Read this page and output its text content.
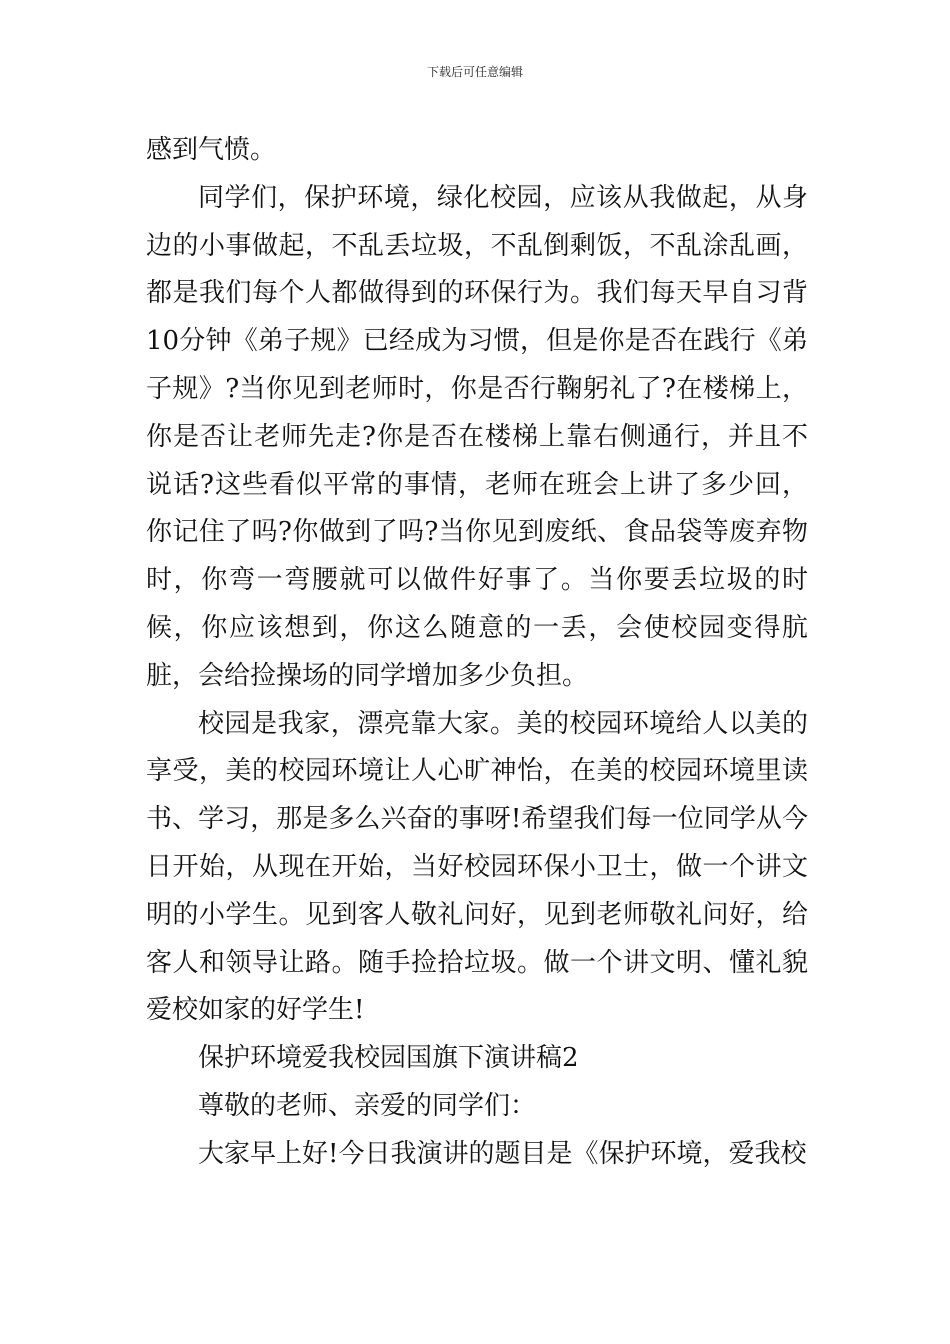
下载后可任意编辑

感到气愤。

同学们，保护环境，绿化校园，应该从我做起，从身边的小事做起，不乱丢垃圾，不乱倒剩饭，不乱涂乱画，都是我们每个人都做得到的环保行为。我们每天早自习背10分钟《弟子规》已经成为习惯，但是你是否在践行《弟子规》?当你见到老师时，你是否行鞠躬礼了?在楼梯上，你是否让老师先走?你是否在楼梯上靠右侧通行，并且不说话?这些看似平常的事情，老师在班会上讲了多少回，你记住了吗?你做到了吗?当你见到废纸、食品袋等废弃物时，你弯一弯腰就可以做件好事了。当你要丢垃圾的时候，你应该想到，你这么随意的一丢，会使校园变得肮脏，会给捡操场的同学增加多少负担。

校园是我家，漂亮靠大家。美的校园环境给人以美的享受，美的校园环境让人心旷神怡，在美的校园环境里读书、学习，那是多么兴奋的事呀!希望我们每一位同学从今日开始，从现在开始，当好校园环保小卫士，做一个讲文明的小学生。见到客人敬礼问好，见到老师敬礼问好，给客人和领导让路。随手捡拾垃圾。做一个讲文明、懂礼貌爱校如家的好学生!

保护环境爱我校园国旗下演讲稿2

尊敬的老师、亲爱的同学们：

大家早上好!今日我演讲的题目是《保护环境，爱我校
